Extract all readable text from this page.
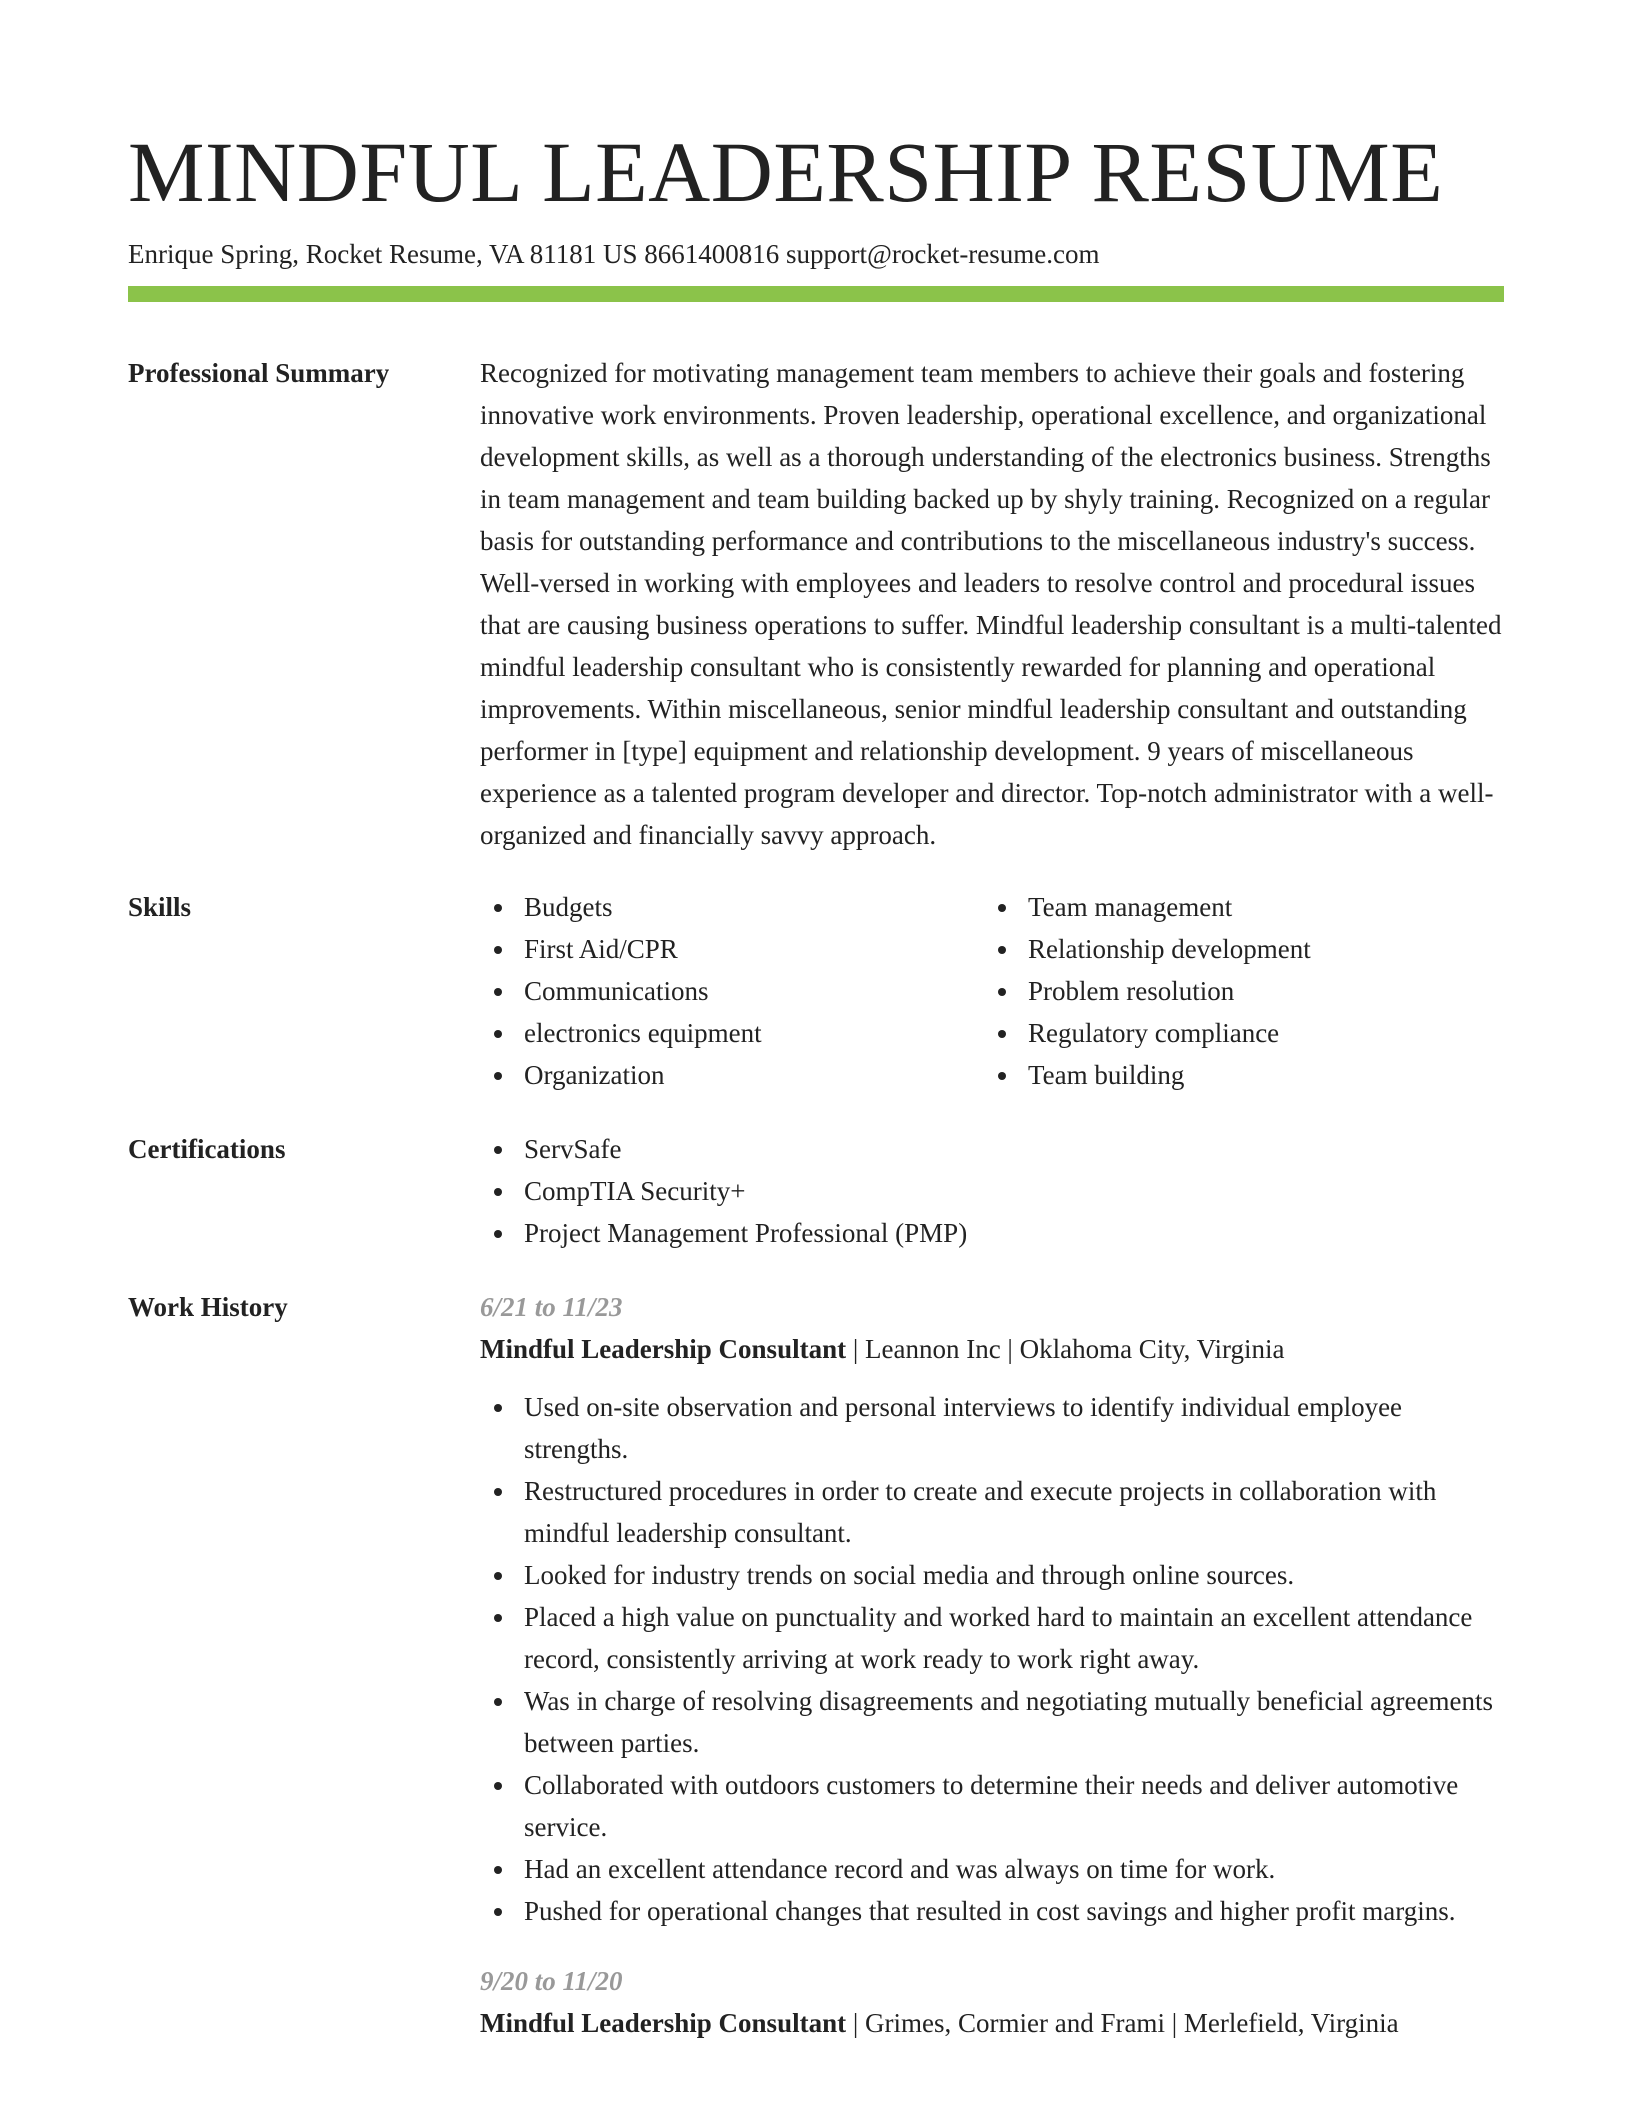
MINDFUL LEADERSHIP RESUME
Enrique Spring, Rocket Resume, VA 81181 US 8661400816 support@rocket-resume.com
Professional Summary	Recognized for motivating management team members to achieve their goals and fostering innovative work environments. Proven leadership, operational excellence, and organizational development skills, as well as a thorough understanding of the electronics business. Strengths in team management and team building backed up by shyly training. Recognized on a regular basis for outstanding performance and contributions to the miscellaneous industry's success. Well-versed in working with employees and leaders to resolve control and procedural issues that are causing business operations to suffer. Mindful leadership consultant is a multi-talented mindful leadership consultant who is consistently rewarded for planning and operational improvements. Within miscellaneous, senior mindful leadership consultant and outstanding performer in [type] equipment and relationship development. 9 years of miscellaneous experience as a talented program developer and director. Top-notch administrator with a well-organized and financially savvy approach.
Skills	Budgets
First Aid/CPR
Communications
electronics equipment
Organization
Team management
Relationship development
Problem resolution
Regulatory compliance
Team building
Certifications	ServSafe
CompTIA Security+
Project Management Professional (PMP)
Work History	6/21 to 11/23
Mindful Leadership Consultant | Leannon Inc | Oklahoma City, Virginia
Used on-site observation and personal interviews to identify individual employee strengths.
Restructured procedures in order to create and execute projects in collaboration with mindful leadership consultant.
Looked for industry trends on social media and through online sources.
Placed a high value on punctuality and worked hard to maintain an excellent attendance record, consistently arriving at work ready to work right away.
Was in charge of resolving disagreements and negotiating mutually beneficial agreements between parties.
Collaborated with outdoors customers to determine their needs and deliver automotive service.
Had an excellent attendance record and was always on time for work.
Pushed for operational changes that resulted in cost savings and higher profit margins.
9/20 to 11/20
Mindful Leadership Consultant | Grimes, Cormier and Frami | Merlefield, Virginia
